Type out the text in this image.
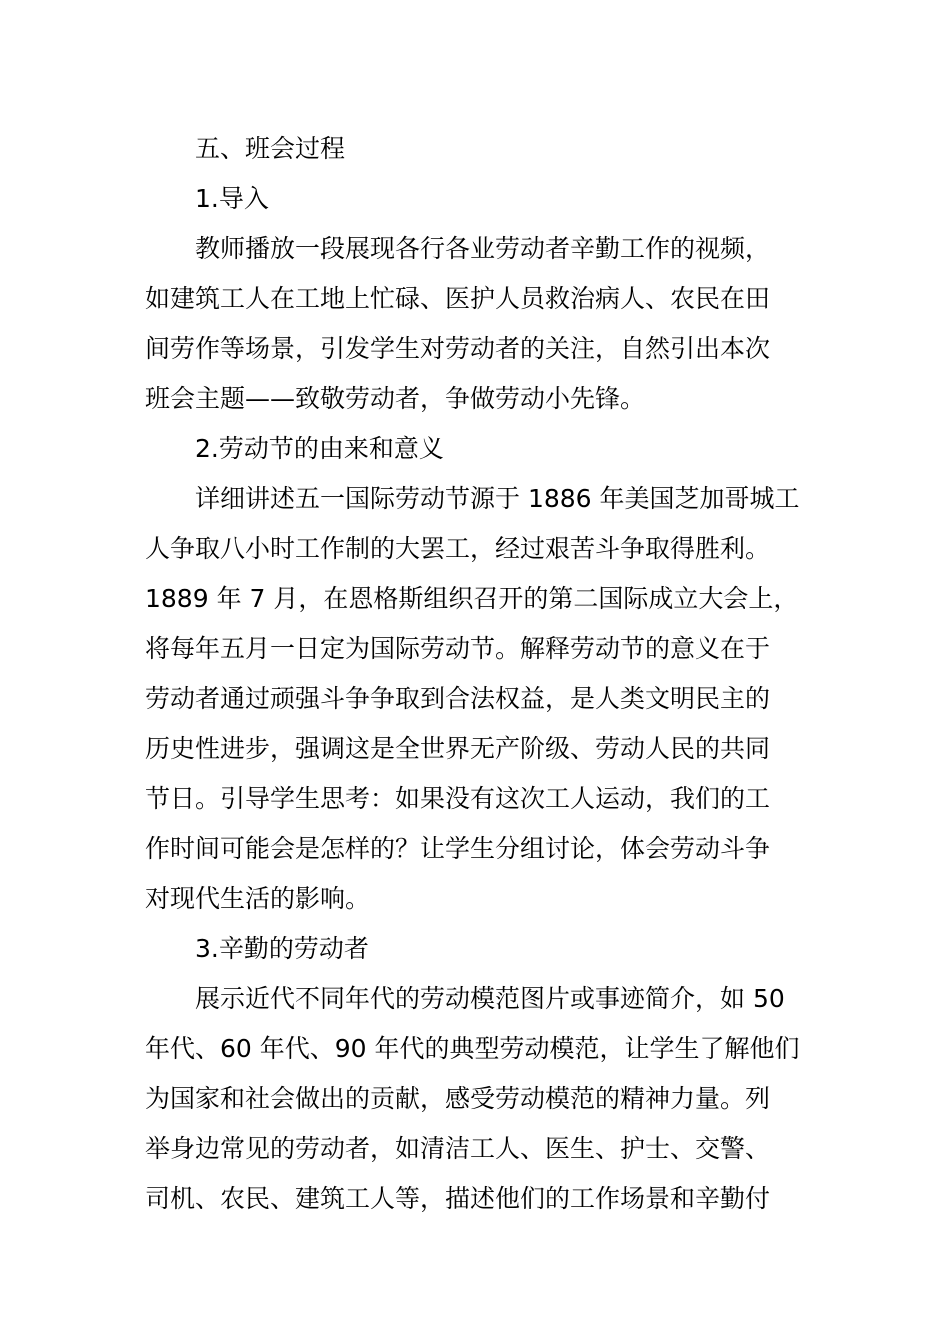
五、班会过程

1.导入

教师播放一段展现各行各业劳动者辛勤工作的视频，
如建筑工人在工地上忙碌、医护人员救治病人、农民在田
间劳作等场景，引发学生对劳动者的关注，自然引出本次
班会主题——致敬劳动者，争做劳动小先锋。

2.劳动节的由来和意义

详细讲述五一国际劳动节源于 1886 年美国芝加哥城工
人争取八小时工作制的大罢工，经过艰苦斗争取得胜利。
1889 年 7 月，在恩格斯组织召开的第二国际成立大会上，
将每年五月一日定为国际劳动节。解释劳动节的意义在于
劳动者通过顽强斗争争取到合法权益，是人类文明民主的
历史性进步，强调这是全世界无产阶级、劳动人民的共同
节日。引导学生思考：如果没有这次工人运动，我们的工
作时间可能会是怎样的？让学生分组讨论，体会劳动斗争
对现代生活的影响。

3.辛勤的劳动者

展示近代不同年代的劳动模范图片或事迹简介，如 50
年代、60 年代、90 年代的典型劳动模范，让学生了解他们
为国家和社会做出的贡献，感受劳动模范的精神力量。列
举身边常见的劳动者，如清洁工人、医生、护士、交警、
司机、农民、建筑工人等，描述他们的工作场景和辛勤付
